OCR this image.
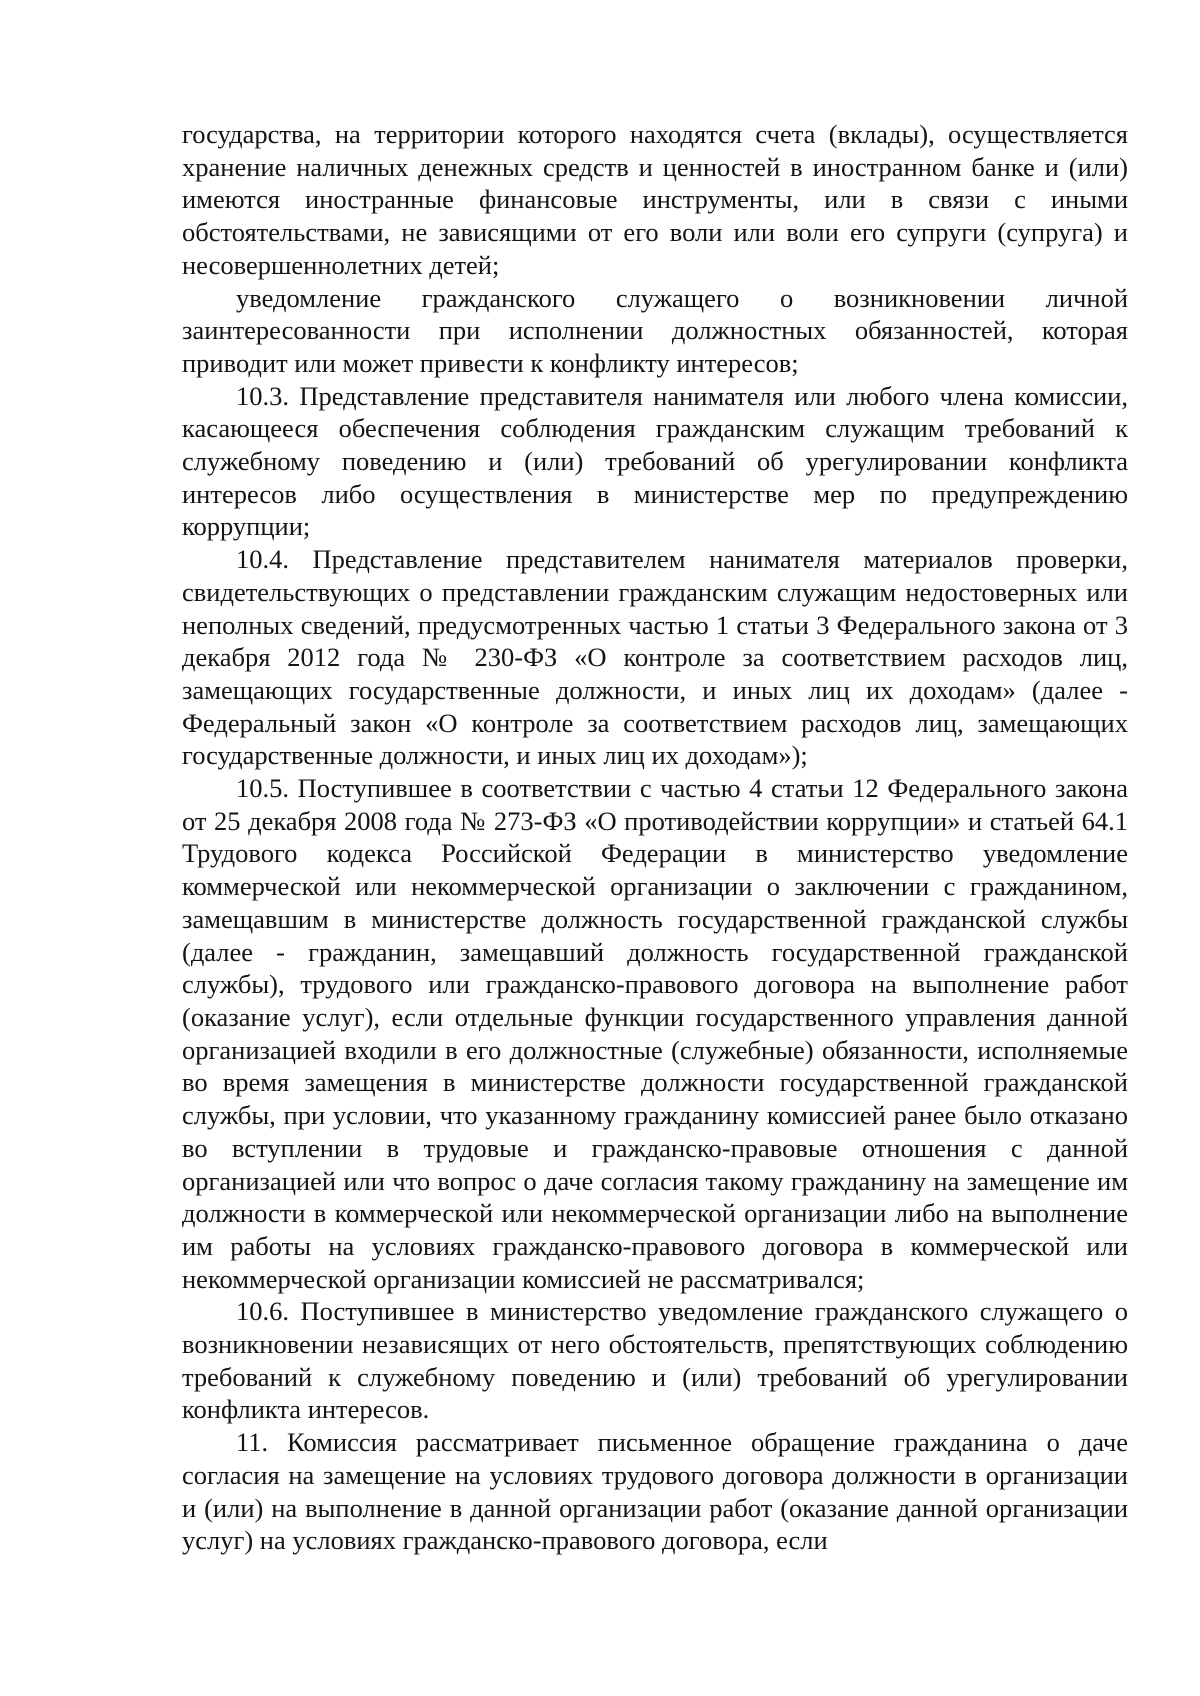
государства, на территории которого находятся счета (вклады), осуществляется хранение наличных денежных средств и ценностей в иностранном банке и (или) имеются иностранные финансовые инструменты, или в связи с иными обстоятельствами, не зависящими от его воли или воли его супруги (супруга) и несовершеннолетних детей;

уведомление гражданского служащего о возникновении личной заинтересованности при исполнении должностных обязанностей, которая приводит или может привести к конфликту интересов;

10.3. Представление представителя нанимателя или любого члена комиссии, касающееся обеспечения соблюдения гражданским служащим требований к служебному поведению и (или) требований об урегулировании конфликта интересов либо осуществления в министерстве мер по предупреждению коррупции;

10.4. Представление представителем нанимателя материалов проверки, свидетельствующих о представлении гражданским служащим недостоверных или неполных сведений, предусмотренных частью 1 статьи 3 Федерального закона от 3 декабря 2012 года № 230-ФЗ «О контроле за соответствием расходов лиц, замещающих государственные должности, и иных лиц их доходам» (далее - Федеральный закон «О контроле за соответствием расходов лиц, замещающих государственные должности, и иных лиц их доходам»);

10.5. Поступившее в соответствии с частью 4 статьи 12 Федерального закона от 25 декабря 2008 года № 273-ФЗ «О противодействии коррупции» и статьей 64.1 Трудового кодекса Российской Федерации в министерство уведомление коммерческой или некоммерческой организации о заключении с гражданином, замещавшим в министерстве должность государственной гражданской службы (далее - гражданин, замещавший должность государственной гражданской службы), трудового или гражданско-правового договора на выполнение работ (оказание услуг), если отдельные функции государственного управления данной организацией входили в его должностные (служебные) обязанности, исполняемые во время замещения в министерстве должности государственной гражданской службы, при условии, что указанному гражданину комиссией ранее было отказано во вступлении в трудовые и гражданско-правовые отношения с данной организацией или что вопрос о даче согласия такому гражданину на замещение им должности в коммерческой или некоммерческой организации либо на выполнение им работы на условиях гражданско-правового договора в коммерческой или некоммерческой организации комиссией не рассматривался;

10.6. Поступившее в министерство уведомление гражданского служащего о возникновении независящих от него обстоятельств, препятствующих соблюдению требований к служебному поведению и (или) требований об урегулировании конфликта интересов.

11. Комиссия рассматривает письменное обращение гражданина о даче согласия на замещение на условиях трудового договора должности в организации и (или) на выполнение в данной организации работ (оказание данной организации услуг) на условиях гражданско-правового договора, если
